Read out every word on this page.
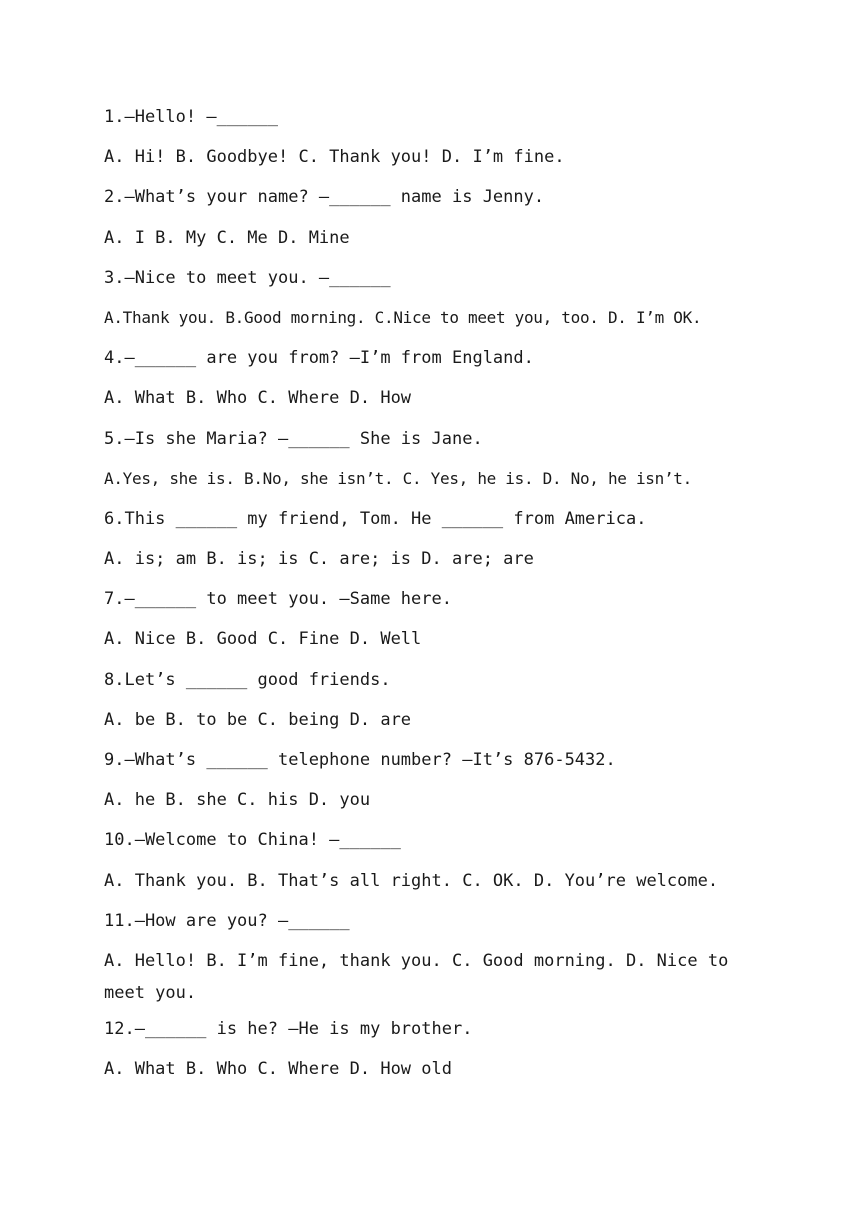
1.—Hello! —______
A. Hi! B. Goodbye! C. Thank you! D. I’m fine.
2.—What’s your name? —______ name is Jenny.
A. I B. My C. Me D. Mine
3.—Nice to meet you. —______
A.Thank you. B.Good morning. C.Nice to meet you, too. D. I’m OK.
4.—______ are you from? —I’m from England.
A. What B. Who C. Where D. How
5.—Is she Maria? —______ She is Jane.
A.Yes, she is. B.No, she isn’t. C. Yes, he is. D. No, he isn’t.
6.This ______ my friend, Tom. He ______ from America.
A. is; am B. is; is C. are; is D. are; are
7.—______ to meet you. —Same here.
A. Nice B. Good C. Fine D. Well
8.Let’s ______ good friends.
A. be B. to be C. being D. are
9.—What’s ______ telephone number? —It’s 876-5432.
A. he B. she C. his D. you
10.—Welcome to China! —______
A. Thank you. B. That’s all right. C. OK. D. You’re welcome.
11.—How are you? —______
A. Hello! B. I’m fine, thank you. C. Good morning. D. Nice to meet you.
12.—______ is he? —He is my brother.
A. What B. Who C. Where D. How old
